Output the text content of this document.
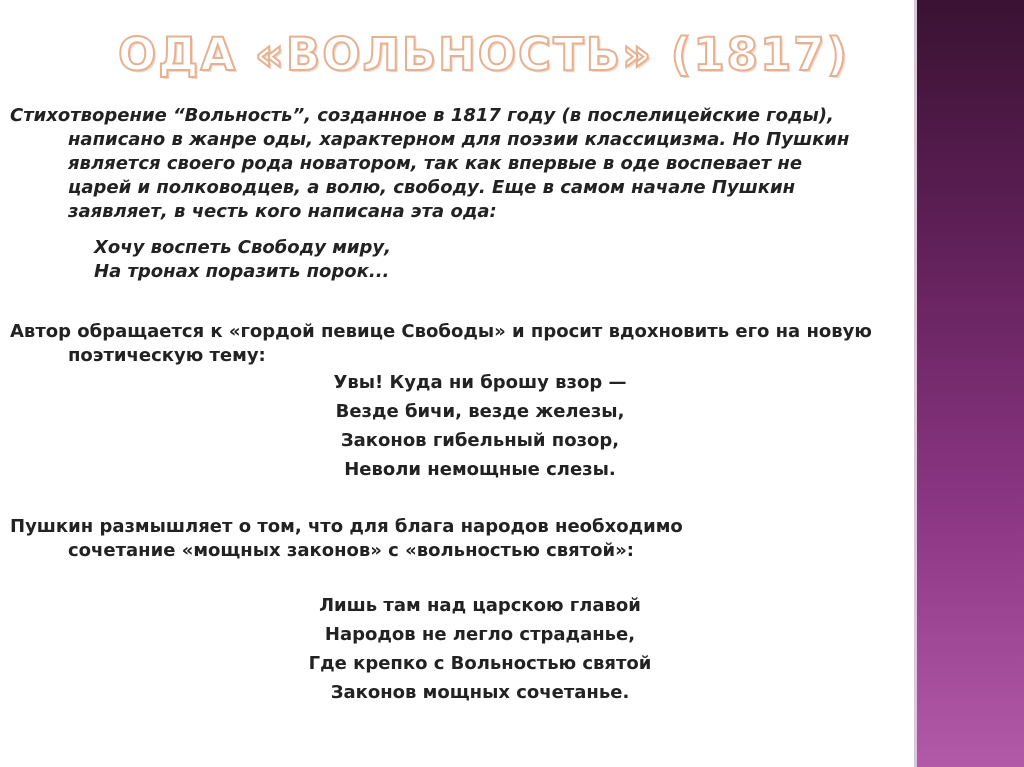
ОДА «ВОЛЬНОСТЬ» (1817)
Стихотворение “Вольность”, созданное в 1817 году (в послелицейские годы),
написано в жанре оды, характерном для поэзии классицизма. Но Пушкин
является своего рода новатором, так как впервые в оде воспевает не
царей и полководцев, а волю, свободу. Еще в самом начале Пушкин
заявляет, в честь кого написана эта ода:
Хочу воспеть Свободу миру,
На тронах поразить порок...
Автор обращается к «гордой певице Свободы» и просит вдохновить его на новую
поэтическую тему:
Увы! Куда ни брошу взор —
Везде бичи, везде железы,
Законов гибельный позор,
Неволи немощные слезы.
Пушкин размышляет о том, что для блага народов необходимо
сочетание «мощных законов» с «вольностью святой»:
Лишь там над царскою главой
Народов не легло страданье,
Где крепко с Вольностью святой
Законов мощных сочетанье.
